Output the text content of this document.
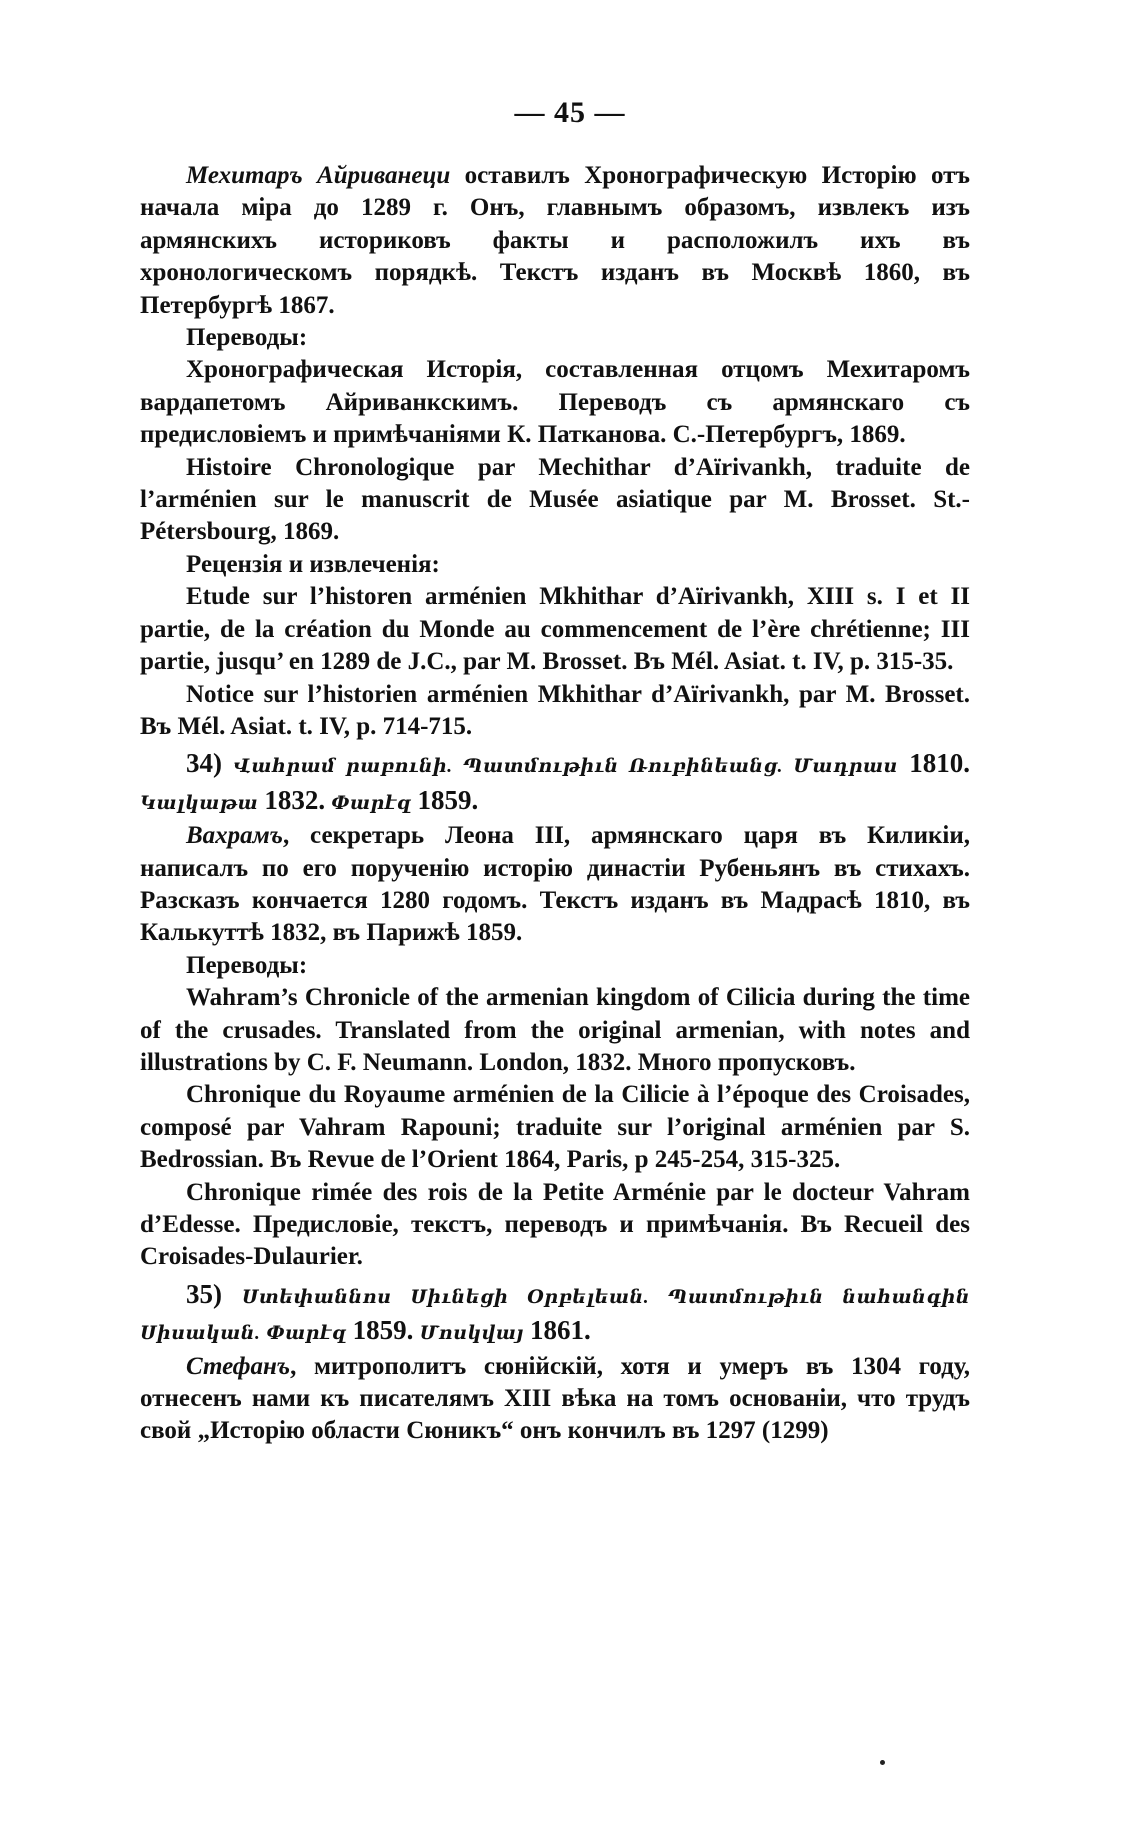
— 45 —

Мехитаръ Айриванеци оставилъ Хронографическую Исторію отъ начала міра до 1289 г. Онъ, главнымъ образомъ, извлекъ изъ армянскихъ историковъ факты и расположилъ ихъ въ хронологическомъ порядкѣ. Текстъ изданъ въ Москвѣ 1860, въ Петербургѣ 1867.

Переводы:

Хронографическая Исторія, составленная отцомъ Мехитаромъ вардапетомъ Айриванкскимъ. Переводъ съ армянскаго съ предисловіемъ и примѣчаніями К. Патканова. С.-Петербургъ, 1869.

Histoire Chronologique par Mechithar d’Aïrivankh, traduite de l’arménien sur le manuscrit de Musée asiatique par M. Brosset. St.-Pétersbourg, 1869.

Рецензія и извлеченія:

Etude sur l’historen arménien Mkhithar d’Aïrivankh, XIII s. I et II partie, de la création du Monde au commencement de l’ère chrétienne; III partie, jusqu’ en 1289 de J.C., par M. Brosset. Въ Mél. Asiat. t. IV, p. 315-35.

Notice sur l’historien arménien Mkhithar d’Aïrivankh, par M. Brosset. Въ Mél. Asiat. t. IV, p. 714-715.

34) Վահրամ րաբունի. Պատմութիւն Ռուբինեանց. Մադրաս 1810. Կալկաթա 1832. Փարէզ 1859.

Вахрамъ, секретарь Леона III, армянскаго царя въ Киликіи, написалъ по его порученію исторію династіи Рубеньянъ въ стихахъ. Разсказъ кончается 1280 годомъ. Текстъ изданъ въ Мадрасѣ 1810, въ Калькуттѣ 1832, въ Парижѣ 1859.

Переводы:

Wahram’s Chronicle of the armenian kingdom of Cilicia during the time of the crusades. Translated from the original armenian, with notes and illustrations by C. F. Neumann. London, 1832. Много пропусковъ.

Chronique du Royaume arménien de la Cilicie à l’époque des Croisades, composé par Vahram Rapouni; traduite sur l’original arménien par S. Bedrossian. Въ Revue de l’Orient 1864, Paris, p 245-254, 315-325.

Chronique rimée des rois de la Petite Arménie par le docteur Vahram d’Edesse. Предисловіе, текстъ, переводъ и примѣчанія. Въ Recueil des Croisades-Dulaurier.

35) Ստեփաննոս Սիւնեցի Օրբելեան. Պատմութիւն նահանգին Սիսական. Փարէզ 1859. Մոսկվայ 1861.

Стефанъ, митрополитъ сюнійскій, хотя и умеръ въ 1304 году, отнесенъ нами къ писателямъ XIII вѣка на томъ основаніи, что трудъ свой „Исторію области Сюникъ“ онъ кончилъ въ 1297 (1299)
